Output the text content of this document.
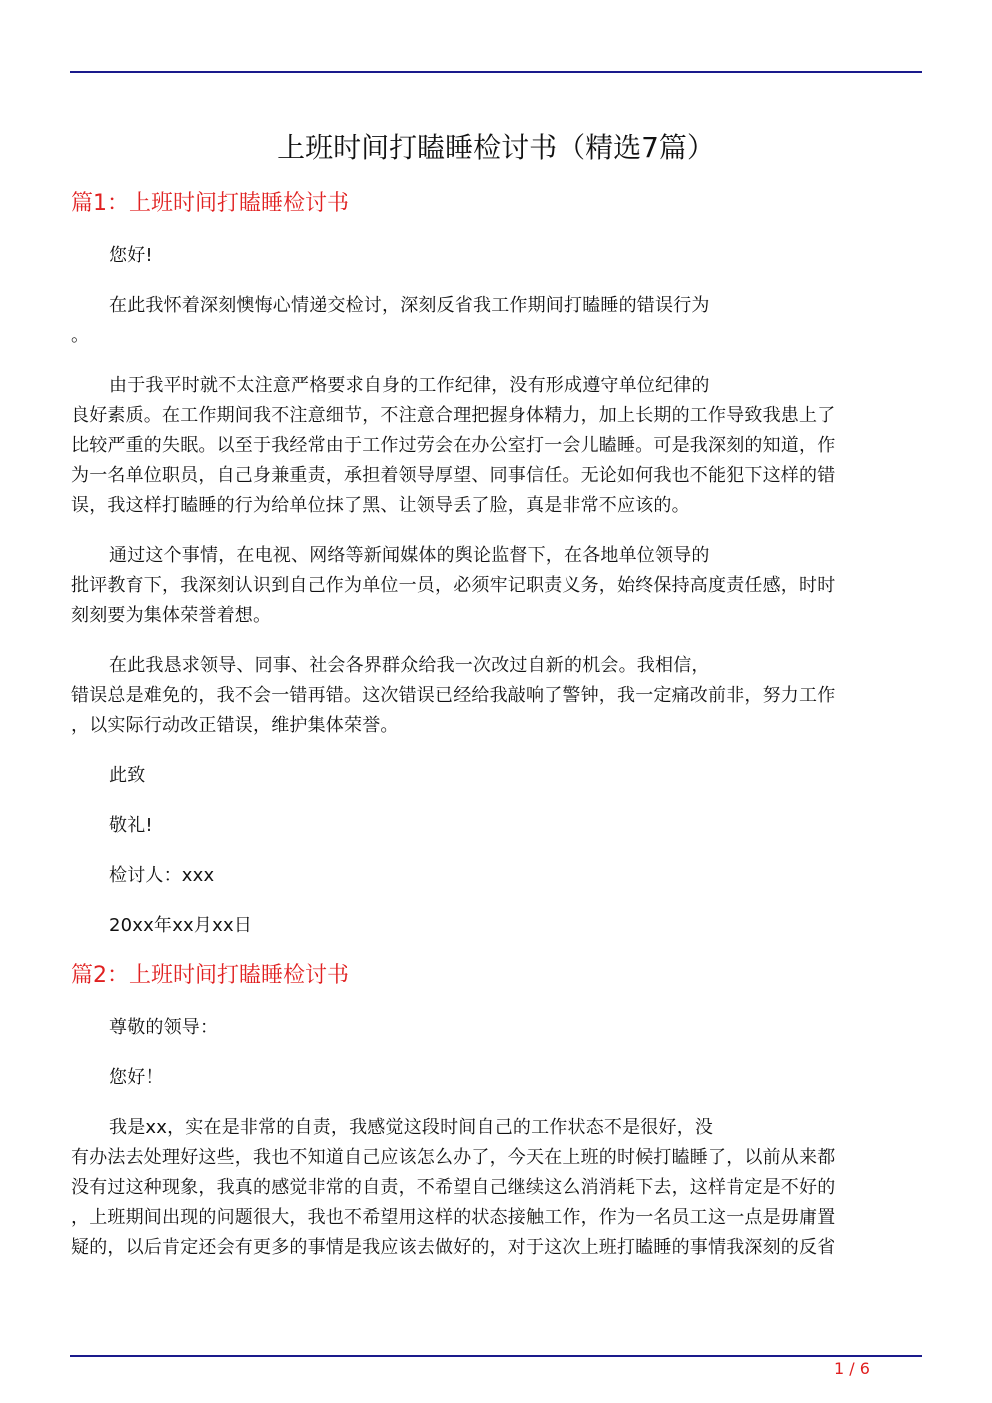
上班时间打瞌睡检讨书（精选7篇）
篇1：上班时间打瞌睡检讨书

您好!

在此我怀着深刻懊悔心情递交检讨，深刻反省我工作期间打瞌睡的错误行为

。

由于我平时就不太注意严格要求自身的工作纪律，没有形成遵守单位纪律的

良好素质。在工作期间我不注意细节，不注意合理把握身体精力，加上长期的工作导致我患上了

比较严重的失眠。以至于我经常由于工作过劳会在办公室打一会儿瞌睡。可是我深刻的知道，作

为一名单位职员，自己身兼重责，承担着领导厚望、同事信任。无论如何我也不能犯下这样的错

误，我这样打瞌睡的行为给单位抹了黑、让领导丢了脸，真是非常不应该的。

通过这个事情，在电视、网络等新闻媒体的舆论监督下，在各地单位领导的

批评教育下，我深刻认识到自己作为单位一员，必须牢记职责义务，始终保持高度责任感，时时

刻刻要为集体荣誉着想。

在此我恳求领导、同事、社会各界群众给我一次改过自新的机会。我相信，

错误总是难免的，我不会一错再错。这次错误已经给我敲响了警钟，我一定痛改前非，努力工作

，以实际行动改正错误，维护集体荣誉。

此致

敬礼!

检讨人：xxx

20xx年xx月xx日

篇2：上班时间打瞌睡检讨书

尊敬的领导：

您好！

我是xx，实在是非常的自责，我感觉这段时间自己的工作状态不是很好，没

有办法去处理好这些，我也不知道自己应该怎么办了，今天在上班的时候打瞌睡了，以前从来都

没有过这种现象，我真的感觉非常的自责，不希望自己继续这么消消耗下去，这样肯定是不好的

，上班期间出现的问题很大，我也不希望用这样的状态接触工作，作为一名员工这一点是毋庸置

疑的，以后肯定还会有更多的事情是我应该去做好的，对于这次上班打瞌睡的事情我深刻的反省

1 / 6
